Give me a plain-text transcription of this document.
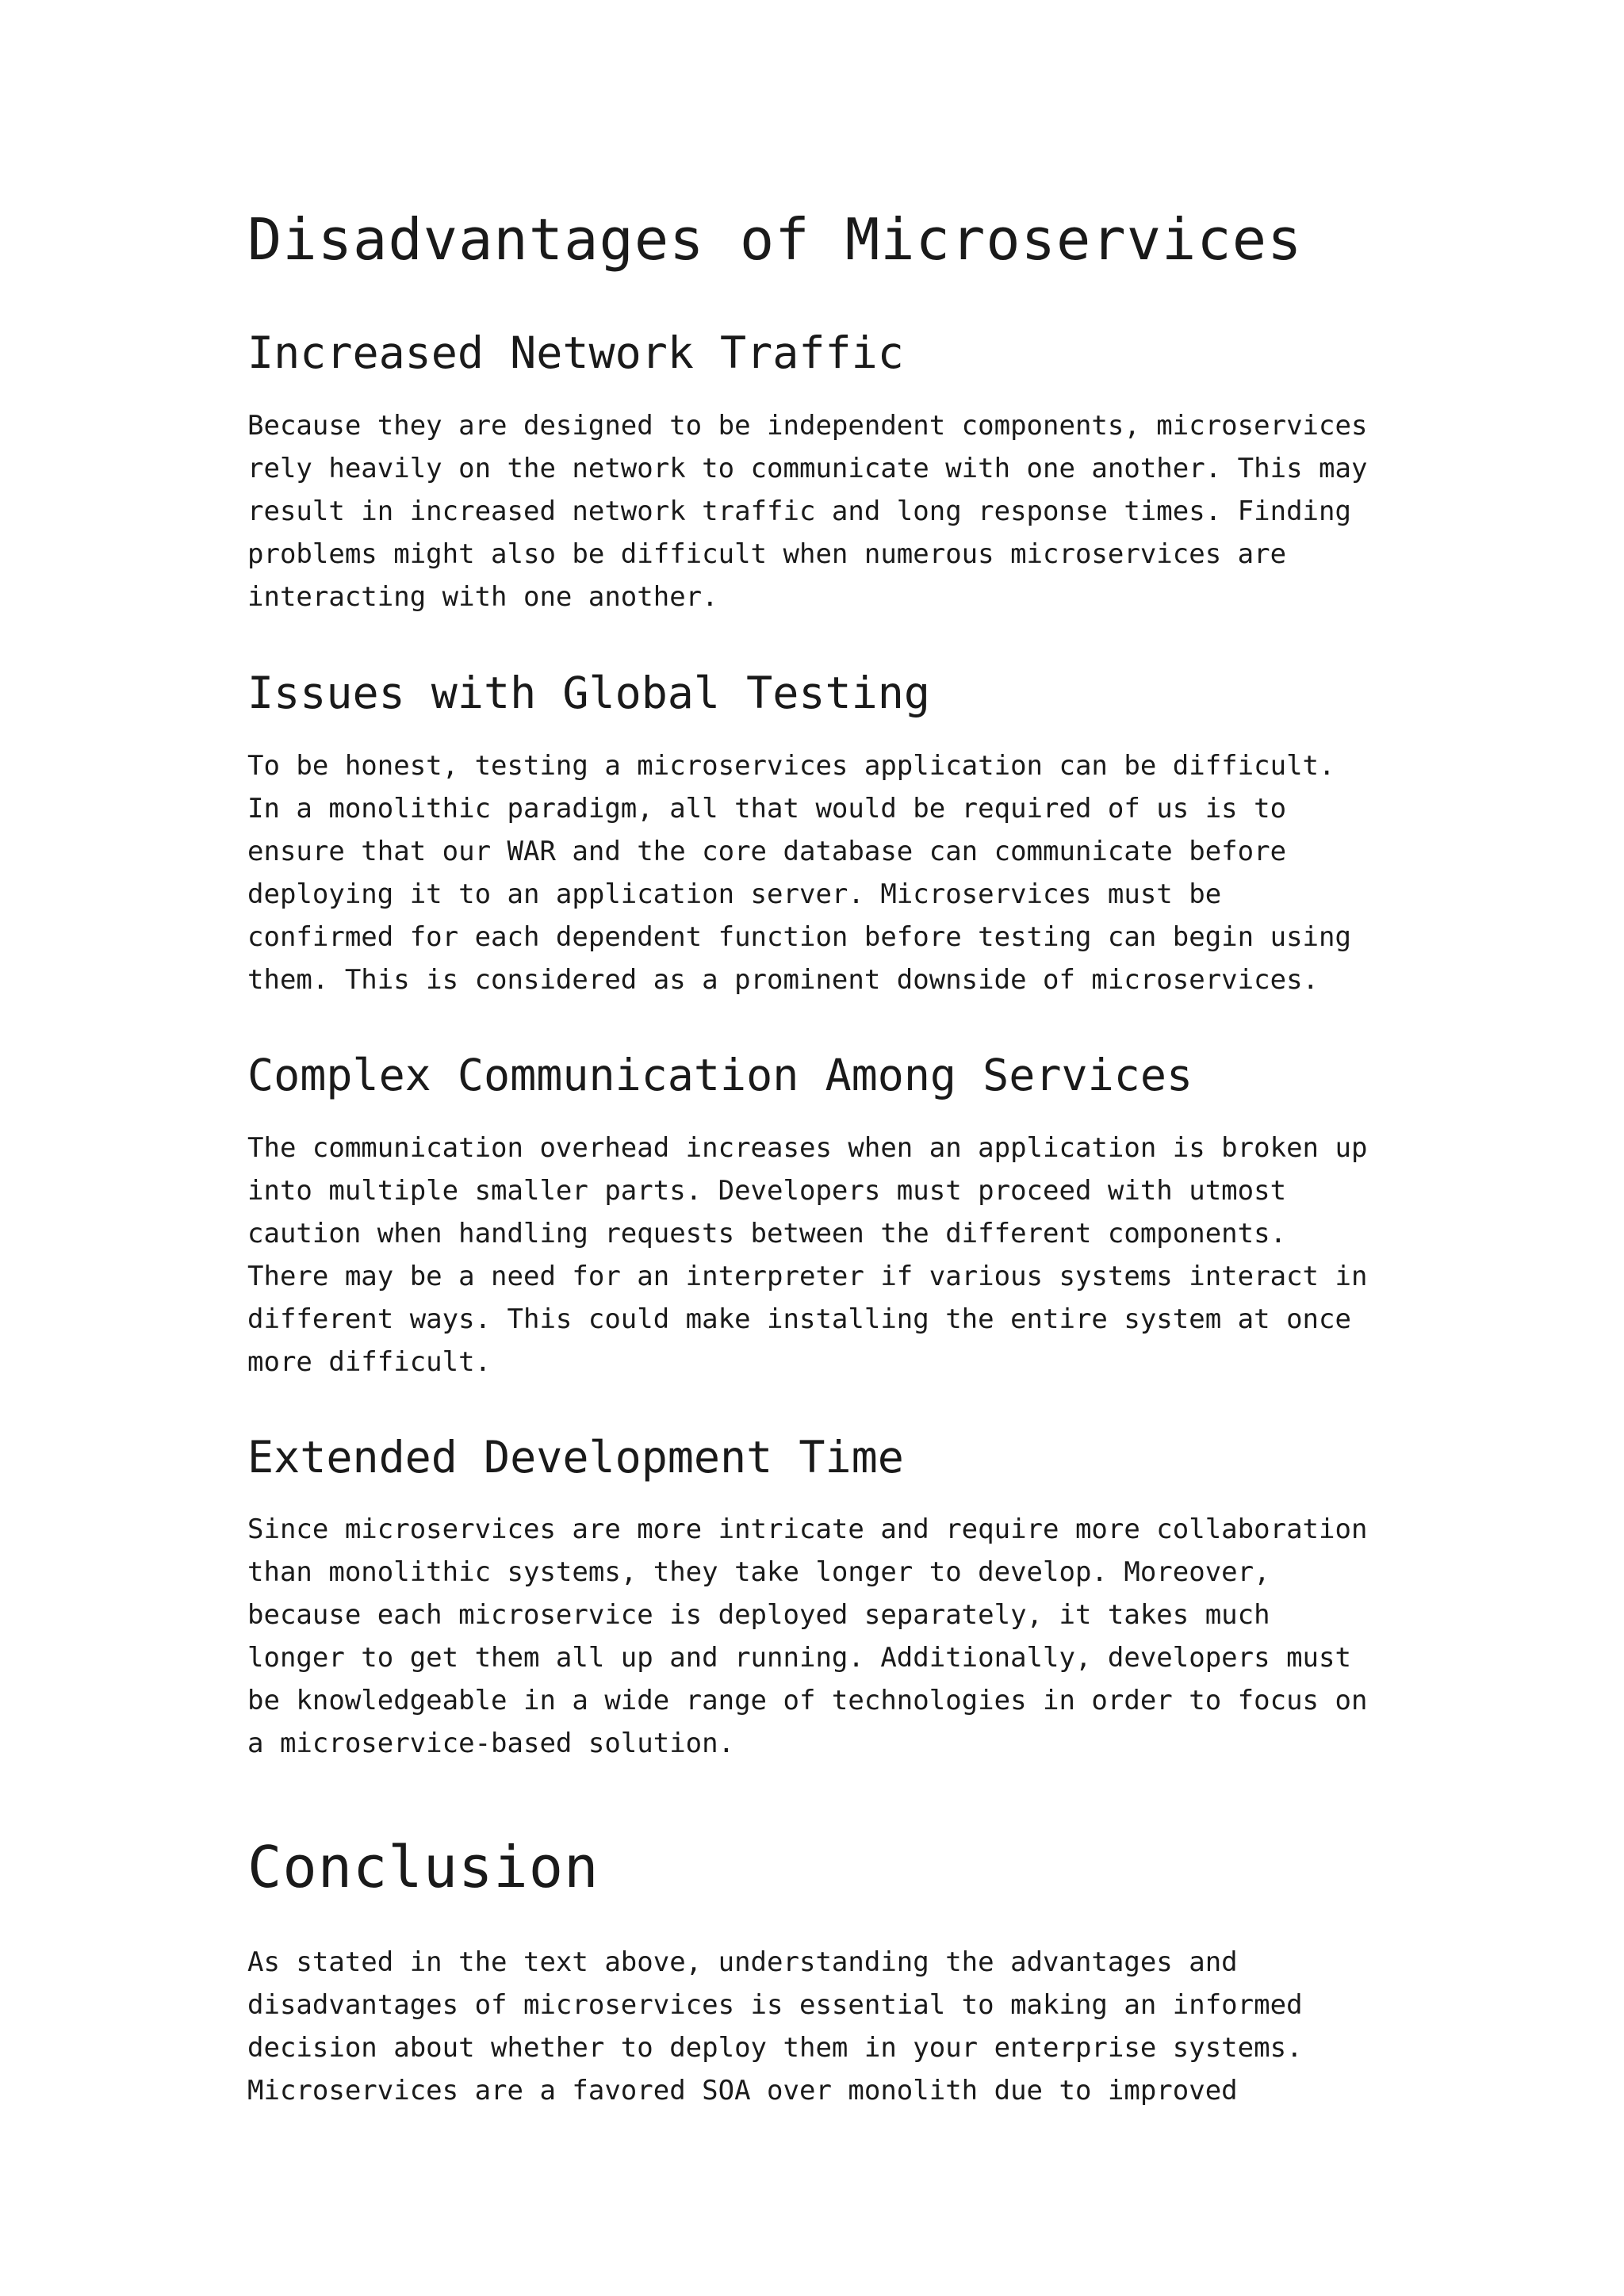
Disadvantages of Microservices
Increased Network Traffic
Because they are designed to be independent components, microservices
rely heavily on the network to communicate with one another. This may
result in increased network traffic and long response times. Finding
problems might also be difficult when numerous microservices are
interacting with one another.
Issues with Global Testing
To be honest, testing a microservices application can be difficult.
In a monolithic paradigm, all that would be required of us is to
ensure that our WAR and the core database can communicate before
deploying it to an application server. Microservices must be
confirmed for each dependent function before testing can begin using
them. This is considered as a prominent downside of microservices.
Complex Communication Among Services
The communication overhead increases when an application is broken up
into multiple smaller parts. Developers must proceed with utmost
caution when handling requests between the different components.
There may be a need for an interpreter if various systems interact in
different ways. This could make installing the entire system at once
more difficult.
Extended Development Time
Since microservices are more intricate and require more collaboration
than monolithic systems, they take longer to develop. Moreover,
because each microservice is deployed separately, it takes much
longer to get them all up and running. Additionally, developers must
be knowledgeable in a wide range of technologies in order to focus on
a microservice-based solution.
Conclusion
As stated in the text above, understanding the advantages and
disadvantages of microservices is essential to making an informed
decision about whether to deploy them in your enterprise systems.
Microservices are a favored SOA over monolith due to improved
